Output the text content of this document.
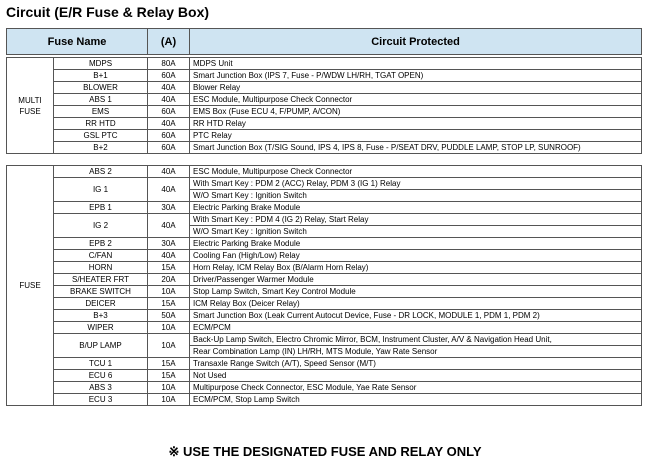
Circuit (E/R Fuse & Relay Box)
Fuse Name		(A)	Circuit Protected

MULTI
FUSE	MDPS	80A	MDPS Unit
	B+1	60A	Smart Junction Box (IPS 7, Fuse - P/WDW LH/RH, TGAT OPEN)
	BLOWER	40A	Blower Relay
	ABS 1	40A	ESC Module, Multipurpose Check Connector
	EMS	60A	EMS Box (Fuse ECU 4, F/PUMP, A/CON)
	RR HTD	40A	RR HTD Relay
	GSL PTC	60A	PTC Relay
	B+2	60A	Smart Junction Box (T/SIG Sound, IPS 4, IPS 8, Fuse - P/SEAT DRV, PUDDLE LAMP, STOP LP, SUNROOF)

FUSE	ABS 2	40A	ESC Module, Multipurpose Check Connector
	IG 1	40A	With Smart Key : PDM 2 (ACC) Relay, PDM 3 (IG 1) Relay
			W/O Smart Key : Ignition Switch
	EPB 1	30A	Electric Parking Brake Module
	IG 2	40A	With Smart Key : PDM 4 (IG 2) Relay, Start Relay
			W/O Smart Key : Ignition Switch
	EPB 2	30A	Electric Parking Brake Module
	C/FAN	40A	Cooling Fan (High/Low) Relay
	HORN	15A	Horn Relay, ICM Relay Box (B/Alarm Horn Relay)
	S/HEATER FRT	20A	Driver/Passenger Warmer Module
	BRAKE SWITCH	10A	Stop Lamp Switch, Smart Key Control Module
	DEICER	15A	ICM Relay Box (Deicer Relay)
	B+3	50A	Smart Junction Box (Leak Current Autocut Device, Fuse - DR LOCK, MODULE 1, PDM 1, PDM 2)
	WIPER	10A	ECM/PCM
	B/UP LAMP	10A	Back-Up Lamp Switch, Electro Chromic Mirror, BCM, Instrument Cluster, A/V & Navigation Head Unit,
			Rear Combination Lamp (IN) LH/RH, MTS Module, Yaw Rate Sensor
	TCU 1	15A	Transaxle Range Switch (A/T), Speed Sensor (M/T)
	ECU 6	15A	Not Used
	ABS 3	10A	Multipurpose Check Connector, ESC Module, Yae Rate Sensor
	ECU 3	10A	ECM/PCM, Stop Lamp Switch
※ USE THE DESIGNATED FUSE AND RELAY ONLY
